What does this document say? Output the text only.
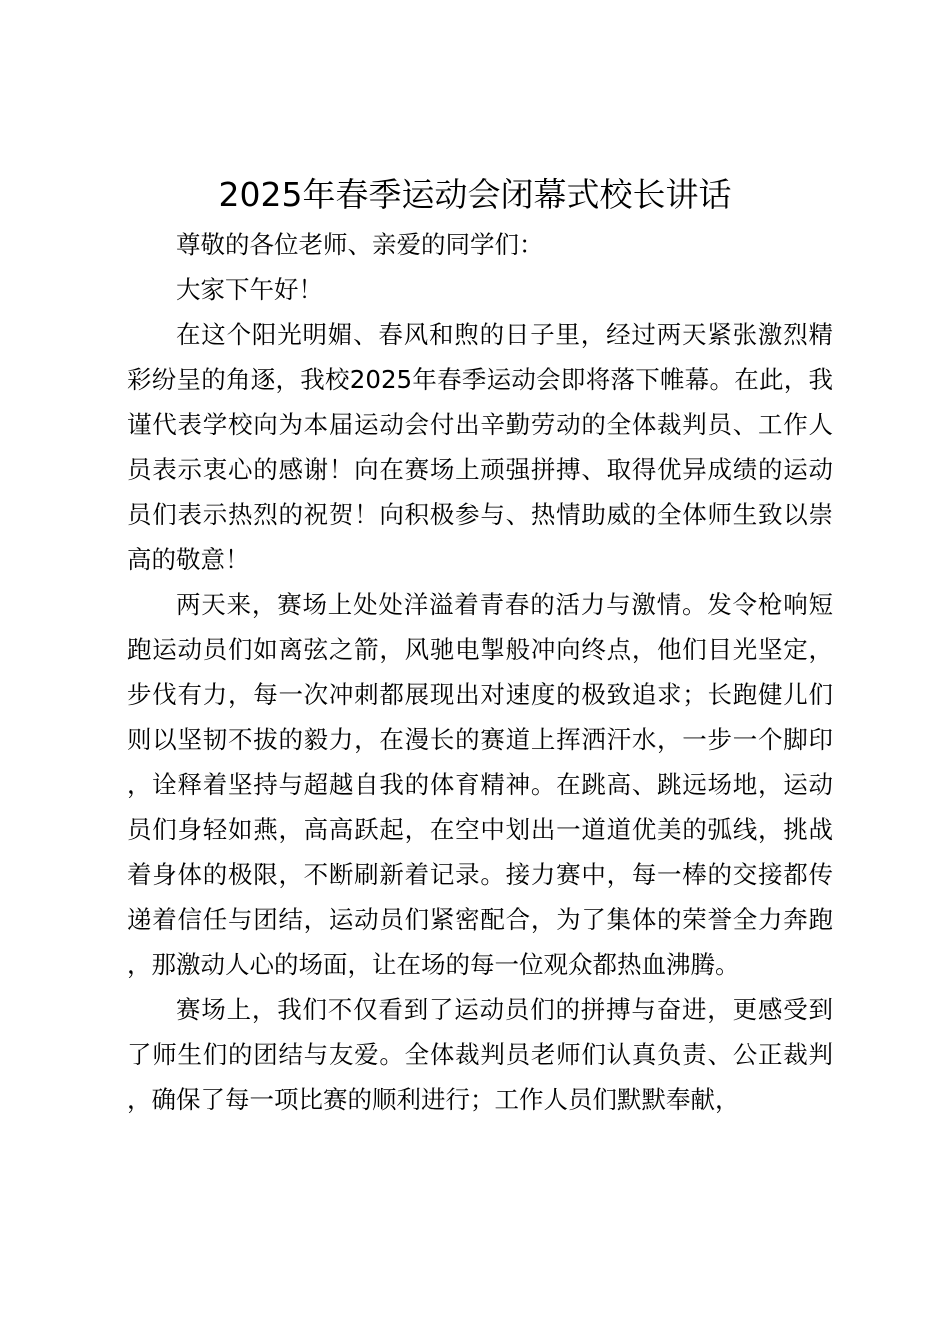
2025年春季运动会闭幕式校长讲话

尊敬的各位老师、亲爱的同学们：

大家下午好！

在这个阳光明媚、春风和煦的日子里，经过两天紧张激烈精彩纷呈的角逐，我校2025年春季运动会即将落下帷幕。在此，我谨代表学校向为本届运动会付出辛勤劳动的全体裁判员、工作人员表示衷心的感谢！向在赛场上顽强拼搏、取得优异成绩的运动员们表示热烈的祝贺！向积极参与、热情助威的全体师生致以崇高的敬意！

两天来，赛场上处处洋溢着青春的活力与激情。发令枪响短跑运动员们如离弦之箭，风驰电掣般冲向终点，他们目光坚定，步伐有力，每一次冲刺都展现出对速度的极致追求；长跑健儿们则以坚韧不拔的毅力，在漫长的赛道上挥洒汗水，一步一个脚印，诠释着坚持与超越自我的体育精神。在跳高、跳远场地，运动员们身轻如燕，高高跃起，在空中划出一道道优美的弧线，挑战着身体的极限，不断刷新着记录。接力赛中，每一棒的交接都传递着信任与团结，运动员们紧密配合，为了集体的荣誉全力奔跑，那激动人心的场面，让在场的每一位观众都热血沸腾。

赛场上，我们不仅看到了运动员们的拼搏与奋进，更感受到了师生们的团结与友爱。全体裁判员老师们认真负责、公正裁判，确保了每一项比赛的顺利进行；工作人员们默默奉献，
